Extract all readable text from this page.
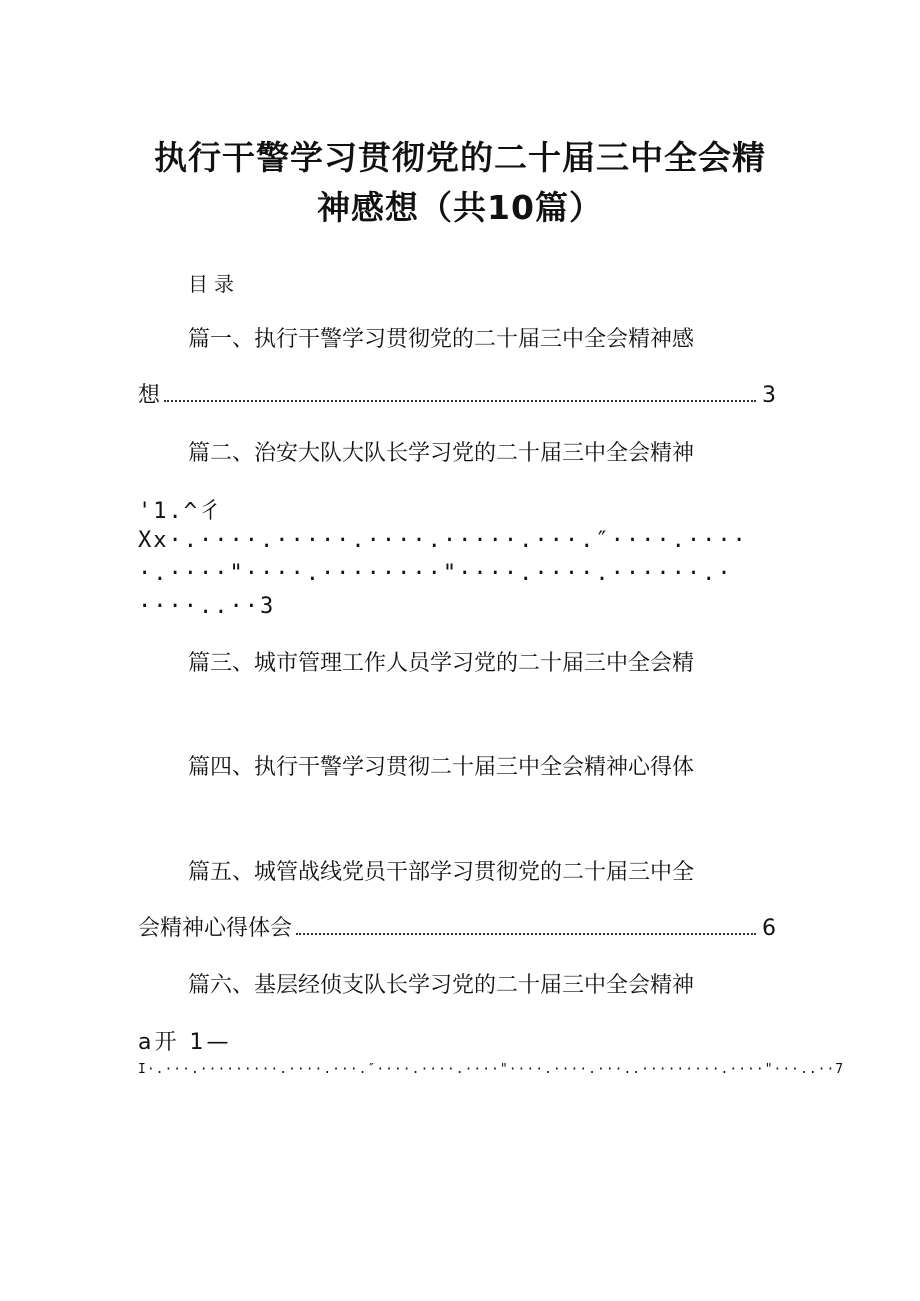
执行干警学习贯彻党的二十届三中全会精
神感想（共10篇）
目录
篇一、执行干警学习贯彻党的二十届三中全会精神感
想	3
篇二、治安大队大队长学习党的二十届三中全会精神
'1.^彳
Xx·.····.·····.····.·····.···.″····.····
·.····"····.········"····.····.······.·
····..··3
篇三、城市管理工作人员学习党的二十届三中全会精
篇四、执行干警学习贯彻二十届三中全会精神心得体
篇五、城管战线党员干部学习贯彻党的二十届三中全
会精神心得体会	6
篇六、基层经侦支队长学习党的二十届三中全会精神
a开 1—
I·.···.·········.····.···.″····.····.····"····.····.···..·········.····"···..··7
